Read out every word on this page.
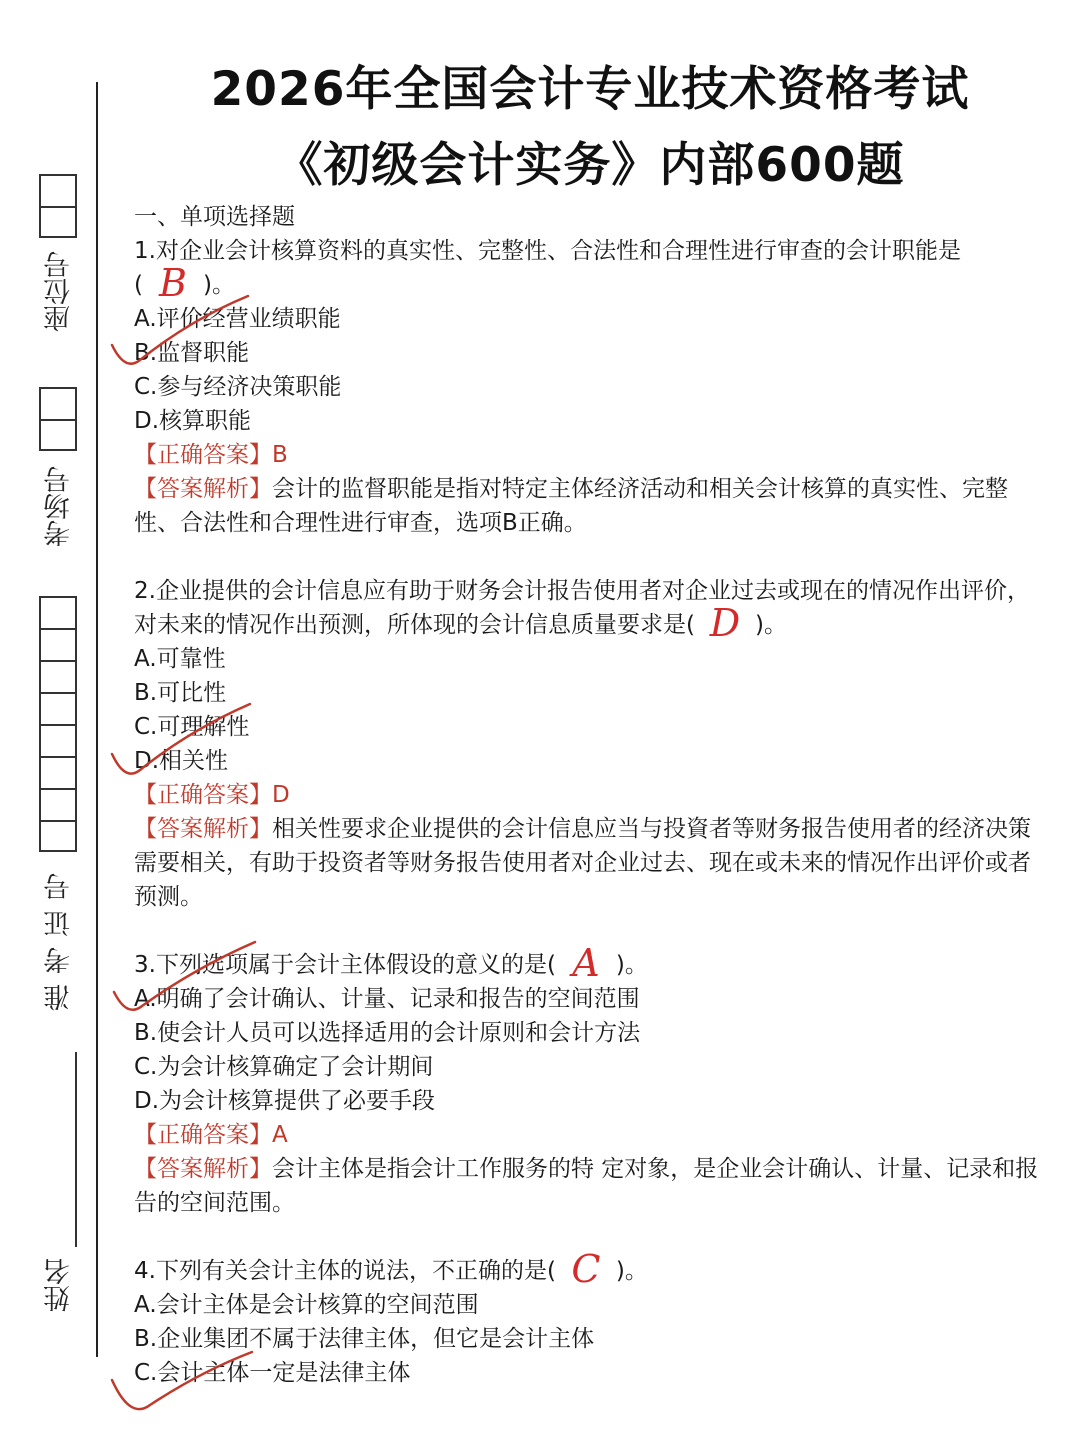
座位号
考场号
准考证号
姓名
2026年全国会计专业技术资格考试
《初级会计实务》内部600题
一、单项选择题
1.对企业会计核算资料的真实性、完整性、合法性和合理性进行审查的会计职能是
( B )。
A.评价经营业绩职能
B.监督职能
C.参与经济决策职能
D.核算职能
【正确答案】B
【答案解析】会计的监督职能是指对特定主体经济活动和相关会计核算的真实性、完整性、合法性和合理性进行审查，选项B正确。
2.企业提供的会计信息应有助于财务会计报告使用者对企业过去或现在的情况作出评价，对未来的情况作出预测，所体现的会计信息质量要求是( D )。
A.可靠性
B.可比性
C.可理解性
D.相关性
【正确答案】D
【答案解析】相关性要求企业提供的会计信息应当与投資者等财务报告使用者的经济决策需要相关，有助于投资者等财务报告使用者对企业过去、现在或未来的情况作出评价或者预测。
3.下列选项属于会计主体假设的意义的是( A )。
A.明确了会计确认、计量、记录和报告的空间范围
B.使会计人员可以选择适用的会计原则和会计方法
C.为会计核算确定了会计期间
D.为会计核算提供了必要手段
【正确答案】A
【答案解析】会计主体是指会计工作服务的特 定对象，是企业会计确认、计量、记录和报告的空间范围。
4.下列有关会计主体的说法，不正确的是( C )。
A.会计主体是会计核算的空间范围
B.企业集团不属于法律主体，但它是会计主体
C.会计主体一定是法律主体
